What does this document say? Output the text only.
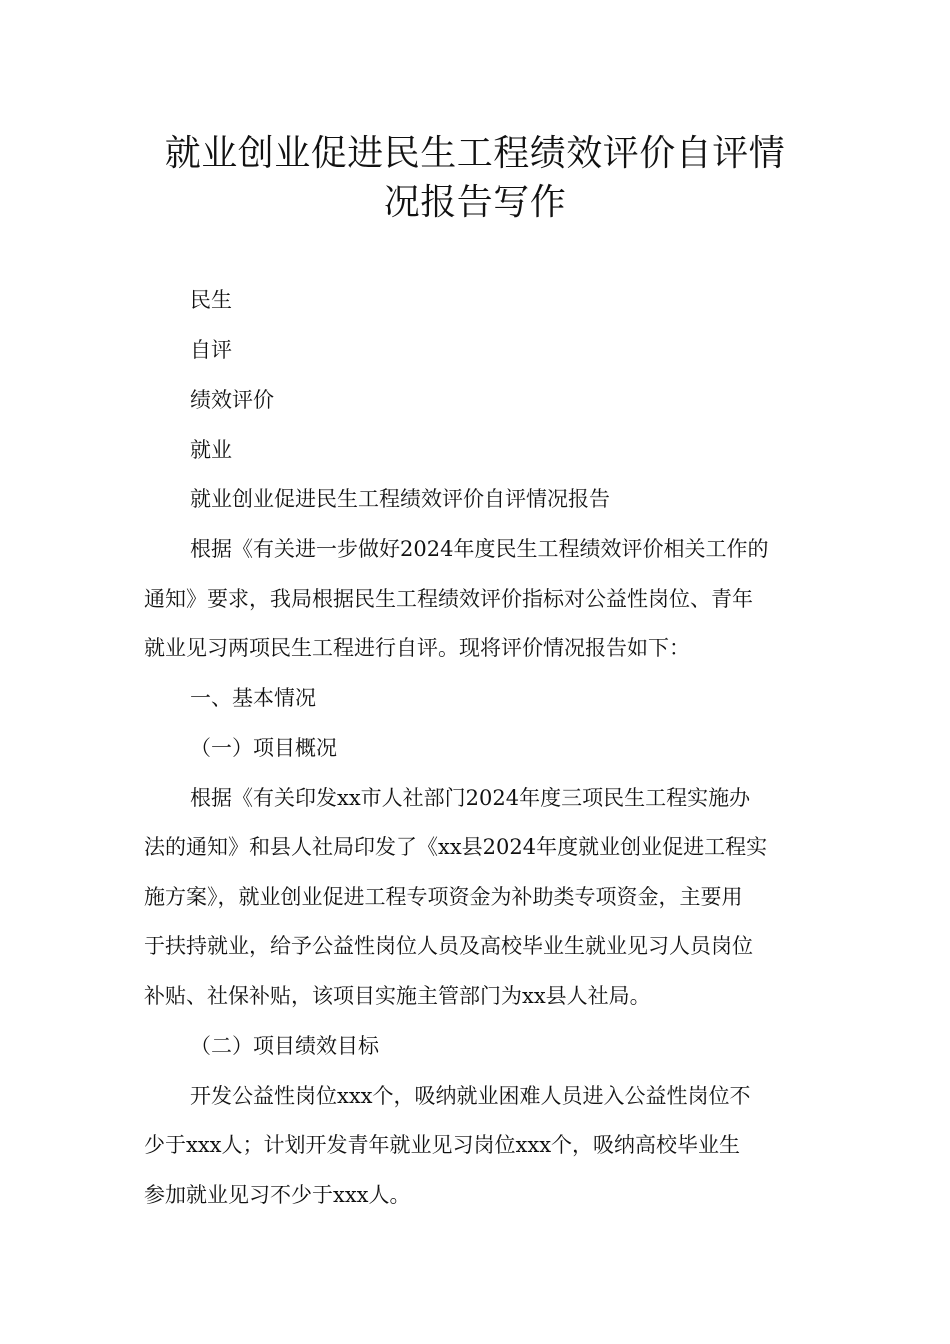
就业创业促进民生工程绩效评价自评情
况报告写作
民生
自评
绩效评价
就业
就业创业促进民生工程绩效评价自评情况报告
根据《有关进一步做好2024年度民生工程绩效评价相关工作的
通知》要求，我局根据民生工程绩效评价指标对公益性岗位、青年
就业见习两项民生工程进行自评。现将评价情况报告如下：
一、基本情况
（一）项目概况
根据《有关印发xx市人社部门2024年度三项民生工程实施办
法的通知》和县人社局印发了《xx县2024年度就业创业促进工程实
施方案》，就业创业促进工程专项资金为补助类专项资金，主要用
于扶持就业，给予公益性岗位人员及高校毕业生就业见习人员岗位
补贴、社保补贴，该项目实施主管部门为xx县人社局。
（二）项目绩效目标
开发公益性岗位xxx个，吸纳就业困难人员进入公益性岗位不
少于xxx人；计划开发青年就业见习岗位xxx个，吸纳高校毕业生
参加就业见习不少于xxx人。
